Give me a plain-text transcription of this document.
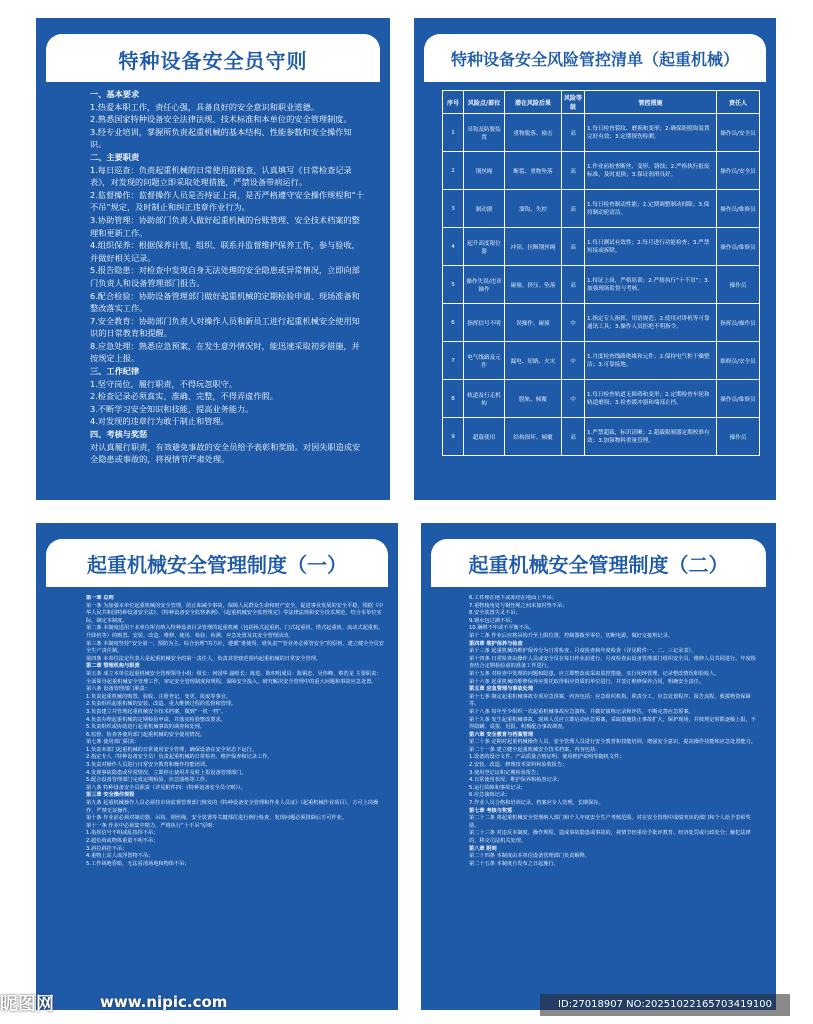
特种设备安全员守则

一、基本要求

1.热爱本职工作，责任心强，具备良好的安全意识和职业道德。

2.熟悉国家特种设备安全法律法规、技术标准和本单位的安全管理制度。

3.经专业培训，掌握所负责起重机械的基本结构、性能参数和安全操作知识。

二、主要职责

1.每日巡查：负责起重机械的日常使用前检查，认真填写《日常检查记录表》，对发现的问题立即采取处理措施，严禁设备带病运行。

2.监督操作：监督操作人员是否持证上岗，是否严格遵守安全操作规程和“十不吊”规定，及时制止和纠正违章作业行为。

3.协助管理：协助部门负责人做好起重机械的台账管理、安全技术档案的整理和更新工作。

4.组织保养：根据保养计划，组织、联系并监督维护保养工作，参与验收，并做好相关记录。

5.报告隐患：对检查中发现自身无法处理的安全隐患或异常情况，立即向部门负责人和设备管理部门报告。

6.配合检验：协助设备管理部门做好起重机械的定期检验申请、现场准备和整改落实工作。

7.安全教育：协助部门负责人对操作人员和新员工进行起重机械安全使用知识的日常教育和提醒。

8.应急处理：熟悉应急预案，在发生意外情况时，能迅速采取初步措施，并按规定上报。

三、工作纪律

1.坚守岗位，履行职责，不得玩忽职守。

2.检查记录必须真实、准确、完整，不得弄虚作假。

3.不断学习安全知识和技能，提高业务能力。

4.对发现的违章行为敢于制止和管理。

四、考核与奖惩

对认真履行职责，有效避免事故的安全员给予表彰和奖励。对因失职造成安全隐患或事故的，将视情节严肃处理。

特种设备安全风险管控清单（起重机械）
序号	风险点/部位	潜在风险后果	风险等级	管控措施	责任人
1	吊钩及防脱装置	重物脱落、撞击	高	1.每日检查裂纹、磨损和变形；2.确保防脱钩装置完好有效；3.定期探伤检测。	操作员/安全员
2	钢丝绳	断裂、重物坠落	高	1.作业前检查断丝、变形、锈蚀；2.严格执行报废标准，及时更换；3.保证润滑良好。	操作员/安全员
3	制动器	溜钩、失控	高	1.每日检查制动性能；2.定期调整制动间隙；3.保持制动轮清洁。	操作员/维修员
4	起升高度限位器	冲顶、拉断钢丝绳	高	1.每日测试有效性；2.每月进行功能检查；3.严禁短接或拆除。	操作员/维修员
5	操作失误/违章操作	碰撞、挤压、坠落	高	1.持证上岗，严格培训；2.严格执行“十不吊”；3.加强现场监督与考核。	操作员
6	指挥信号不明	误操作、碰撞	中	1.指定专人指挥，用语规范；2.使用对讲机等可靠通讯工具；3.操作人员拒绝不明指令。	指挥员/操作员
7	电气线路及元件	漏电、短路、火灾	中	1.月度检查线路绝缘和元件；2.保持电气柜干燥整洁；3.可靠接地。	维修员/安全员
8	轨道及行走机构	脱轨、倾覆	中	1.每日检查轨道无障碍和变形；2.定期检查车轮和轨道磨损；3.检查缓冲器和端部止挡。	操作员/维修员
9	超载使用	结构损坏、倾覆	高	1.严禁超载，标识清晰；2.超载限制器定期校准有效；3.加强物料重量管理。	操作员
起重机械安全管理制度（一）

第一章 总则

第一条 为加强本单位起重机械的安全管理，防止和减少事故，保障人民群众生命和财产安全，促进事业发展的安全平稳，根据《中华人民共和国特种设备安全法》、《特种设备安全监察条例》、《起重机械安全监督规定》等法律法规和安全技术规范，结合本单位实际，制定本制度。

第二条 本制度适用于本单位所有纳入特种设备目录管理的起重机械（包括桥式起重机、门式起重机、塔式起重机、流动式起重机、升降机等）的购置、安装、改造、维修、使用、检验、检测、应急处置及其安全管理活动。

第三条 本制度坚持“安全第一、预防为主、综合治理”的方针，遵循“谁使用、谁负责”“管业务必须管安全”的原则，建立健全全员安全生产责任制。

第四条 本单位法定代表人是起重机械安全的第一责任人，负责其管辖范围内起重机械的日常安全管理。

第二章 管理机构与职责

第五条 成立本单位起重机械安全管理领导小组：组长：何国华 副组长：陈进、陈炽明成员：陈锡忠、吴伟峰、蔡浩龙 主要职责：全面领导起重机械安全管理工作，审定安全管理制度和规程，保障安全投入，研究解决安全管理中的重大问题和事故应急处置。

第六条 设备管理部门职责：

1.负责起重机械的购置、验收、注册登记、变更、报废等事宜。

2.负责组织起重机械的安装、改造、重大维修过程的监督和管理。

3.负责建立并管理起重机械安全技术档案，做到“一机一档”。

4.负责办理起重机械的定期检验申请，并落实检验整改要求。

5.负责组织或协助进行起重机械事故的调查和处理。

6.监督、检查各使用部门起重机械的安全使用情况。

第七条 使用部门职责：

1.负责本部门起重机械的日常使用安全管理，确保设备在安全状态下运行。

2.指定专人（特种设备安全员）负责起重机械的日常检查、维护保养和记录工作。

3.负责对操作人员进行日常安全教育和操作技能培训。

4.发现事故隐患或异常情况，立即停止使用并及时上报设备管理部门。

5.配合设备管理部门完成定期检验、应急演练等工作。

第八条 特种设备安全员职责（详见附件四：《特种设备安全员守则》）。

第三章 安全操作规程

第九条 起重机械操作人员必须持市场监督管理部门核发的《特种设备安全管理和作业人员证》（起重机械作业项目），方可上岗操作，严禁无证操作。

第十条 作业前必须对制动器、吊钩、钢丝绳、安全装置等关键部位进行例行检查，发现问题必须排除后方可作业。

第十一条 作业中必须集中精力，严格执行“十不吊”原则：

1.指挥信号不明或乱指挥不吊；

2.超负荷或物体重量不明不吊；

3.斜拉斜挂不吊；

4.重物上站人或浮置物不吊；

5.工作场地昏暗，无法看清场地和物体不吊；

起重机械安全管理制度（二）

6.工件埋在地下或冻结在地面上不吊；

7.重物棱角处与钢丝绳之间未加衬垫不吊；

8.安全装置失灵不吊；

9.钢水包过满不吊；

10.捆绑不牢或不平衡不吊。

第十二条 作业后应将吊钩升至上限位置，控制器拨至零位，切断电源，做好交接班记录。

第四章 维护保养与检查

第十三条 起重机械的维护保养分为日常检查、月度检查和年度检查（详见附件一、二、三记录表）。

第十四条 日常检查由操作人员或安全员在每日作业前进行。月度检查由设备管理部门组织安全员、维修人员共同进行。年度检查结合定期检验前的准备工作进行。

第十五条 对检查中发现的问题和隐患，应立即整改或采取监控措施，实行闭环管理，记录整改情况和验收人。

第十六条 起重机械的维修保养应委托取得相应资质的单位进行，并签订维修保养合同，明确安全责任。

第五章 应急管理与事故处理

第十七条 制定起重机械事故专项应急预案，内容包括：应急组织机构、职责分工、应急处置程序、报告流程、救援物资保障等。

第十八条 每年至少组织一次起重机械事故应急演练，并做好演练记录和评估，不断完善应急预案。

第十九条 发生起重机械事故，现场人员应立即启动应急预案，采取措施防止事故扩大，保护现场，并按规定时限逐级上报，不得隐瞒、谎报、迟报。积极配合事故调查。

第六章 安全教育与档案管理

第二十条 定期对起重机械操作人员、安全管理人员进行安全教育和技能培训，增强安全意识，提高操作技能和应急处置能力。

第二十一条 建立健全起重机械安全技术档案，内容包括：

1.设备的设计文件、产品质量合格证明、使用维护说明等随机文件；

2.安装、改造、修理技术资料和验收报告；

3.使用登记证和定期检验报告；

4.日常使用状况、维护保养和检查记录；

5.运行故障和事故记录；

6.应急演练记录；

7.作业人员合格和培训记录。档案应专人管理，长期保存。

第七章 考核与奖惩

第二十二条 将起重机械安全管理纳入部门和个人年度安全生产考核范围。对在安全管理中成绩突出的部门和个人给予表彰奖励。

第二十三条 对违反本制度、操作规程，造成事故隐患或事故的，视情节轻重给予批评教育、经济处罚或行政处分；触犯法律的，移交司法机关处理。

第八章 附则

第二十四条 本制度由本单位设备管理部门负责解释。

第二十五条 本制度自发布之日起施行。

昵图网	www.nipic.com	ID:27018907 NO:20251022165703419100
